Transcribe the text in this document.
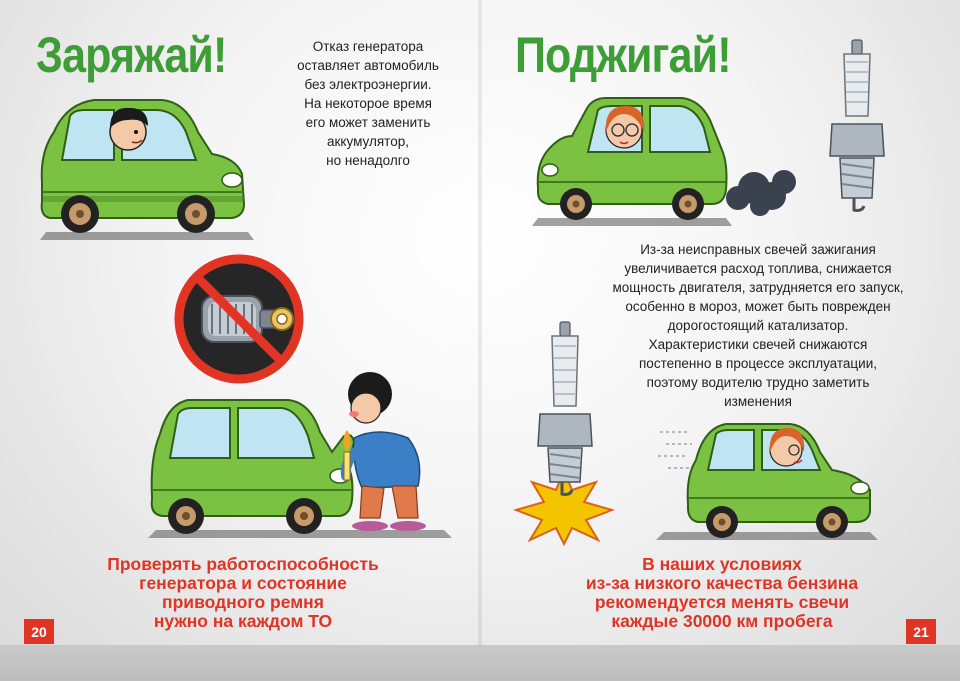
Заряжай!	Отказ генератора
оставляет автомобиль
без электроэнергии.
На некоторое время
его может заменить
аккумулятор,
но ненадолго
Проверять работоспособность
генератора и состояние
приводного ремня
нужно на каждом ТО
20
Поджигай!
Из-за неисправных свечей зажигания
увеличивается расход топлива, снижается
мощность двигателя, затрудняется его запуск,
особенно в мороз, может быть поврежден
дорогостоящий катализатор.
Характеристики свечей снижаются
постепенно в процессе эксплуатации,
поэтому водителю трудно заметить
изменения
В наших условиях
из-за низкого качества бензина
рекомендуется менять свечи
каждые 30000 км пробега
21
